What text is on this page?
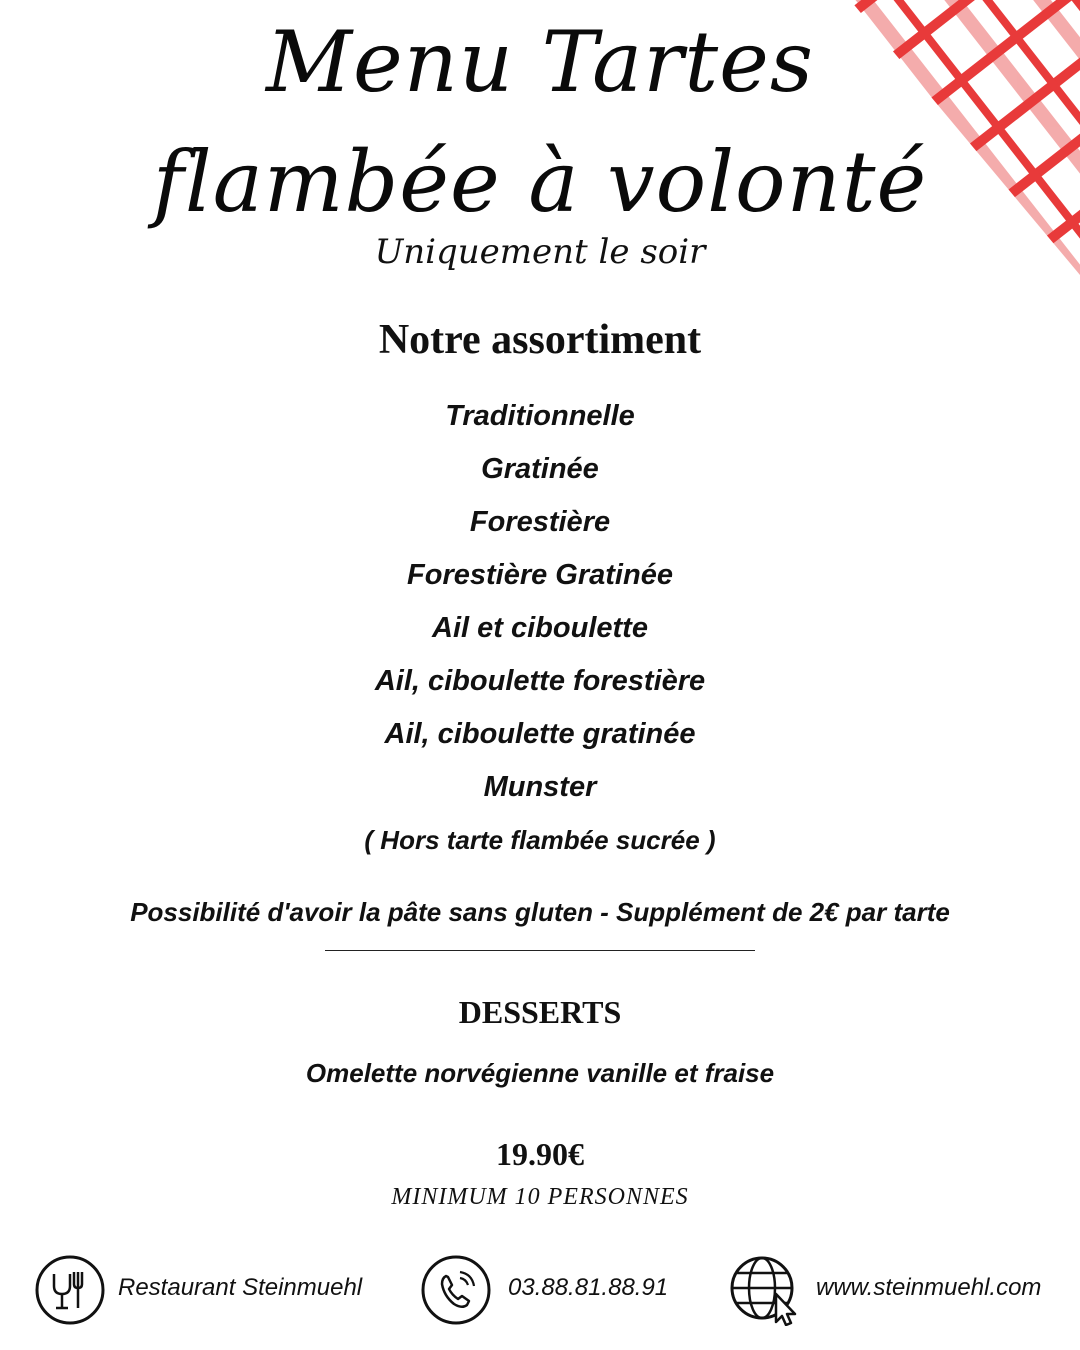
Menu Tartes
flambée à volonté
Uniquement le soir
Notre assortiment
Traditionnelle
Gratinée
Forestière
Forestière Gratinée
Ail et ciboulette
Ail, ciboulette forestière
Ail, ciboulette gratinée
Munster
( Hors tarte flambée sucrée )
Possibilité d'avoir la pâte sans gluten - Supplément de 2€ par tarte
DESSERTS
Omelette norvégienne vanille et fraise
19.90€
MINIMUM 10 PERSONNES
Restaurant Steinmuehl	03.88.81.88.91	www.steinmuehl.com
